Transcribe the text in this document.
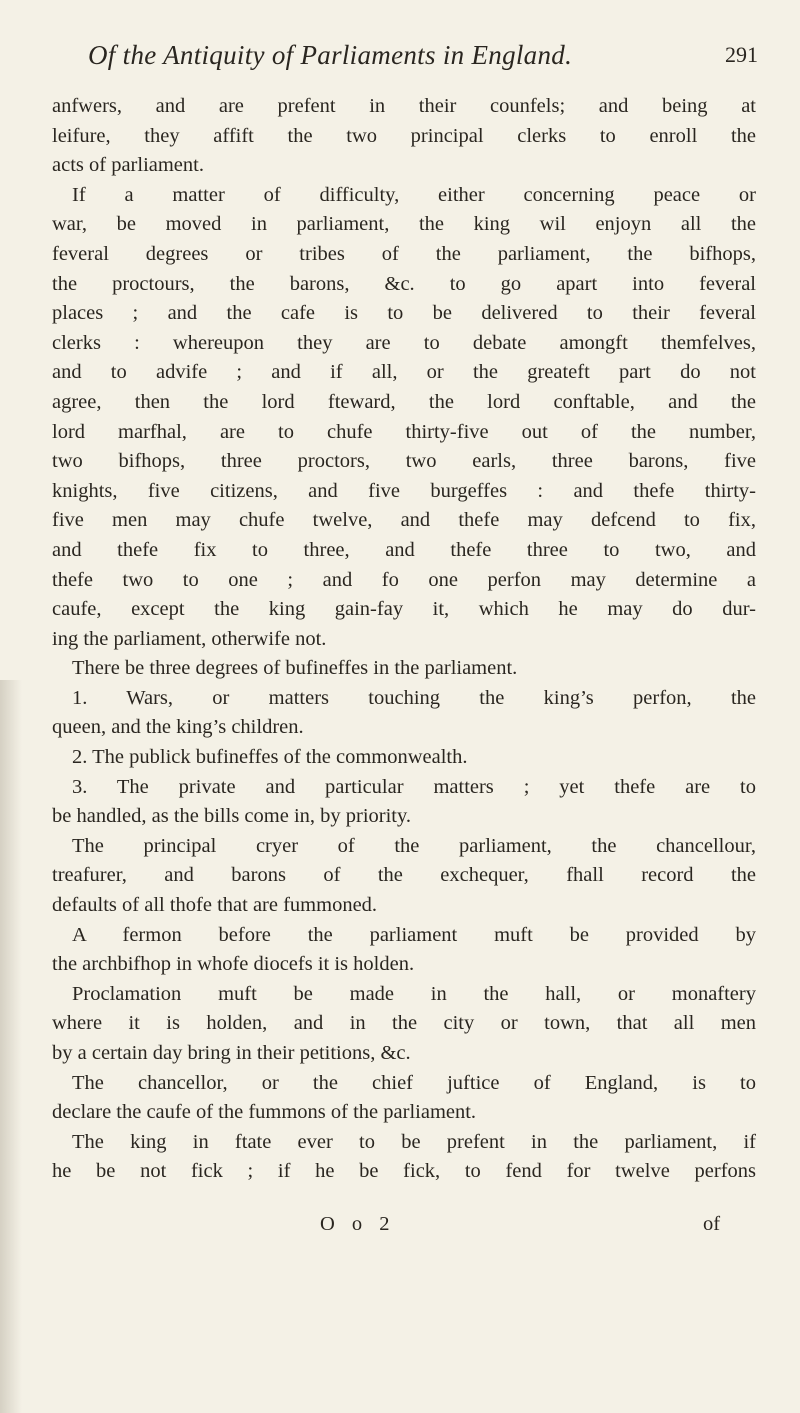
Of the Antiquity of Parliaments in England.	291
anfwers, and are prefent in their counfels; and being at
leifure, they affift the two principal clerks to enroll the
acts of parliament.
If a matter of difficulty, either concerning peace or
war, be moved in parliament, the king wil enjoyn all the
feveral degrees or tribes of the parliament, the bifhops,
the proctours, the barons, &c. to go apart into feveral
places ; and the cafe is to be delivered to their feveral
clerks : whereupon they are to debate amongft themfelves,
and to advife ; and if all, or the greateft part do not
agree, then the lord fteward, the lord conftable, and the
lord marfhal, are to chufe thirty-five out of the number,
two bifhops, three proctors, two earls, three barons, five
knights, five citizens, and five burgeffes : and thefe thirty-
five men may chufe twelve, and thefe may defcend to fix,
and thefe fix to three, and thefe three to two, and
thefe two to one ; and fo one perfon may determine a
caufe, except the king gain-fay it, which he may do dur-
ing the parliament, otherwife not.
There be three degrees of bufineffes in the parliament.
1. Wars, or matters touching the king’s perfon, the
queen, and the king’s children.
2. The publick bufineffes of the commonwealth.
3. The private and particular matters ; yet thefe are to
be handled, as the bills come in, by priority.
The principal cryer of the parliament, the chancellour,
treafurer, and barons of the exchequer, fhall record the
defaults of all thofe that are fummoned.
A fermon before the parliament muft be provided by
the archbifhop in whofe diocefs it is holden.
Proclamation muft be made in the hall, or monaftery
where it is holden, and in the city or town, that all men
by a certain day bring in their petitions, &c.
The chancellor, or the chief juftice of England, is to
declare the caufe of the fummons of the parliament.
The king in ftate ever to be prefent in the parliament, if
he be not fick ; if he be fick, to fend for twelve perfons
O o 2	of
